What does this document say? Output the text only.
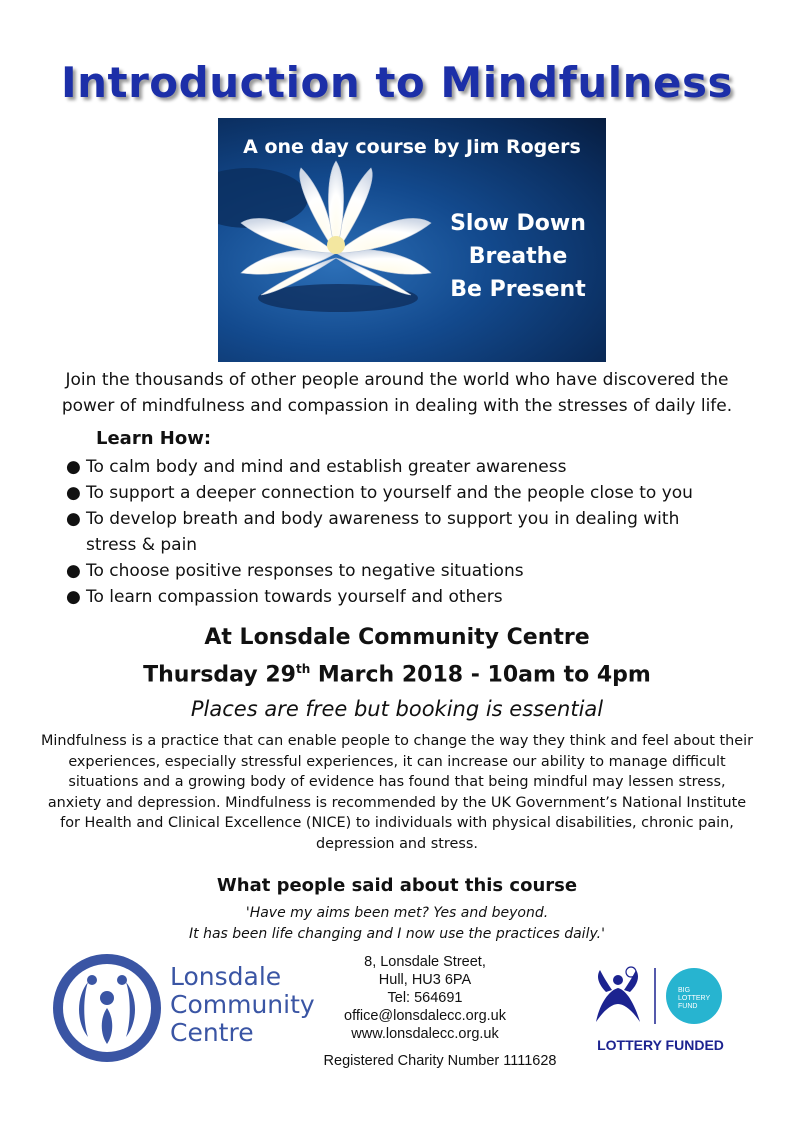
Introduction to Mindfulness
A one day course by Jim Rogers
Slow Down
Breathe
Be Present
Join the thousands of other people around the world who have discovered the power of mindfulness and compassion in dealing with the stresses of daily life.
Learn How:
● To calm body and mind and establish greater awareness
● To support a deeper connection to yourself and the people close to you
● To develop breath and body awareness to support you in dealing with stress & pain
● To choose positive responses to negative situations
● To learn compassion towards yourself and others
At Lonsdale Community Centre
Thursday 29th March 2018 - 10am to 4pm
Places are free but booking is essential
Mindfulness is a practice that can enable people to change the way they think and feel about their experiences, especially stressful experiences, it can increase our ability to manage difficult situations and a growing body of evidence has found that being mindful may lessen stress, anxiety and depression. Mindfulness is recommended by the UK Government’s National Institute for Health and Clinical Excellence (NICE) to individuals with physical disabilities, chronic pain, depression and stress.
What people said about this course
'Have my aims been met? Yes and beyond.
It has been life changing and I now use the practices daily.'
Lonsdale
Community
Centre
8, Lonsdale Street,
Hull, HU3 6PA
Tel: 564691
office@lonsdalecc.org.uk
www.lonsdalecc.org.uk
Registered Charity Number 1111628
BIG
LOTTERY
FUND
LOTTERY FUNDED
